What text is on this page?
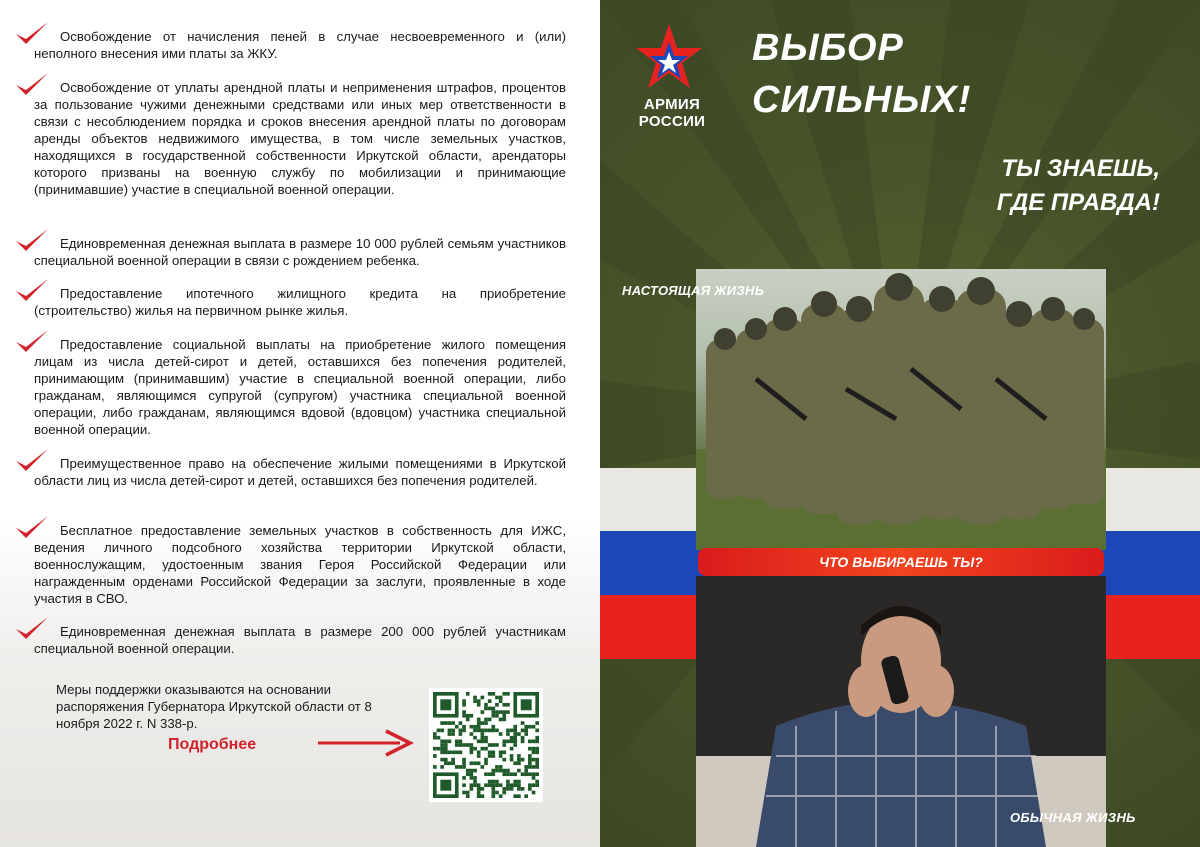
Освобождение от начисления пеней в случае несвоевременного и (или) неполного внесения ими платы за ЖКУ.
Освобождение от уплаты арендной платы и неприменения штрафов, процентов за пользование чужими денежными средствами или иных мер ответственности в связи с несоблюдением порядка и сроков внесения арендной платы по договорам аренды объектов недвижимого имущества, в том числе земельных участков, находящихся в государственной собственности Иркутской области, арендаторы которого призваны на военную службу по мобилизации и принимающие (принимавшие) участие в специальной военной операции.
Единовременная денежная выплата в размере 10 000 рублей семьям участников специальной военной операции в связи с рождением ребенка.
Предоставление ипотечного жилищного кредита на приобретение (строительство) жилья на первичном рынке жилья.
Предоставление социальной выплаты на приобретение жилого помещения лицам из числа детей-сирот и детей, оставшихся без попечения родителей, принимающим (принимавшим) участие в специальной военной операции, либо гражданам, являющимся супругой (супругом) участника специальной военной операции, либо гражданам, являющимся вдовой (вдовцом) участника специальной военной операции.
Преимущественное право на обеспечение жилыми помещениями в Иркутской области лиц из числа детей-сирот и детей, оставшихся без попечения родителей.
Бесплатное предоставление земельных участков в собственность для ИЖС, ведения личного подсобного хозяйства территории Иркутской области, военнослужащим, удостоенным звания Героя Российской Федерации или награжденным орденами Российской Федерации за заслуги, проявленные в ходе участия в СВО.
Единовременная денежная выплата в размере 200 000 рублей участникам специальной военной операции.
Меры поддержки оказываются на основании распоряжения Губернатора Иркутской области от 8 ноября 2022 г. N 338-р.
Подробнее
АРМИЯ
РОССИИ
ВЫБОР
СИЛЬНЫХ!
ТЫ ЗНАЕШЬ,
ГДЕ ПРАВДА!
НАСТОЯЩАЯ ЖИЗНЬ
ЧТО ВЫБИРАЕШЬ ТЫ?
ОБЫЧНАЯ ЖИЗНЬ
